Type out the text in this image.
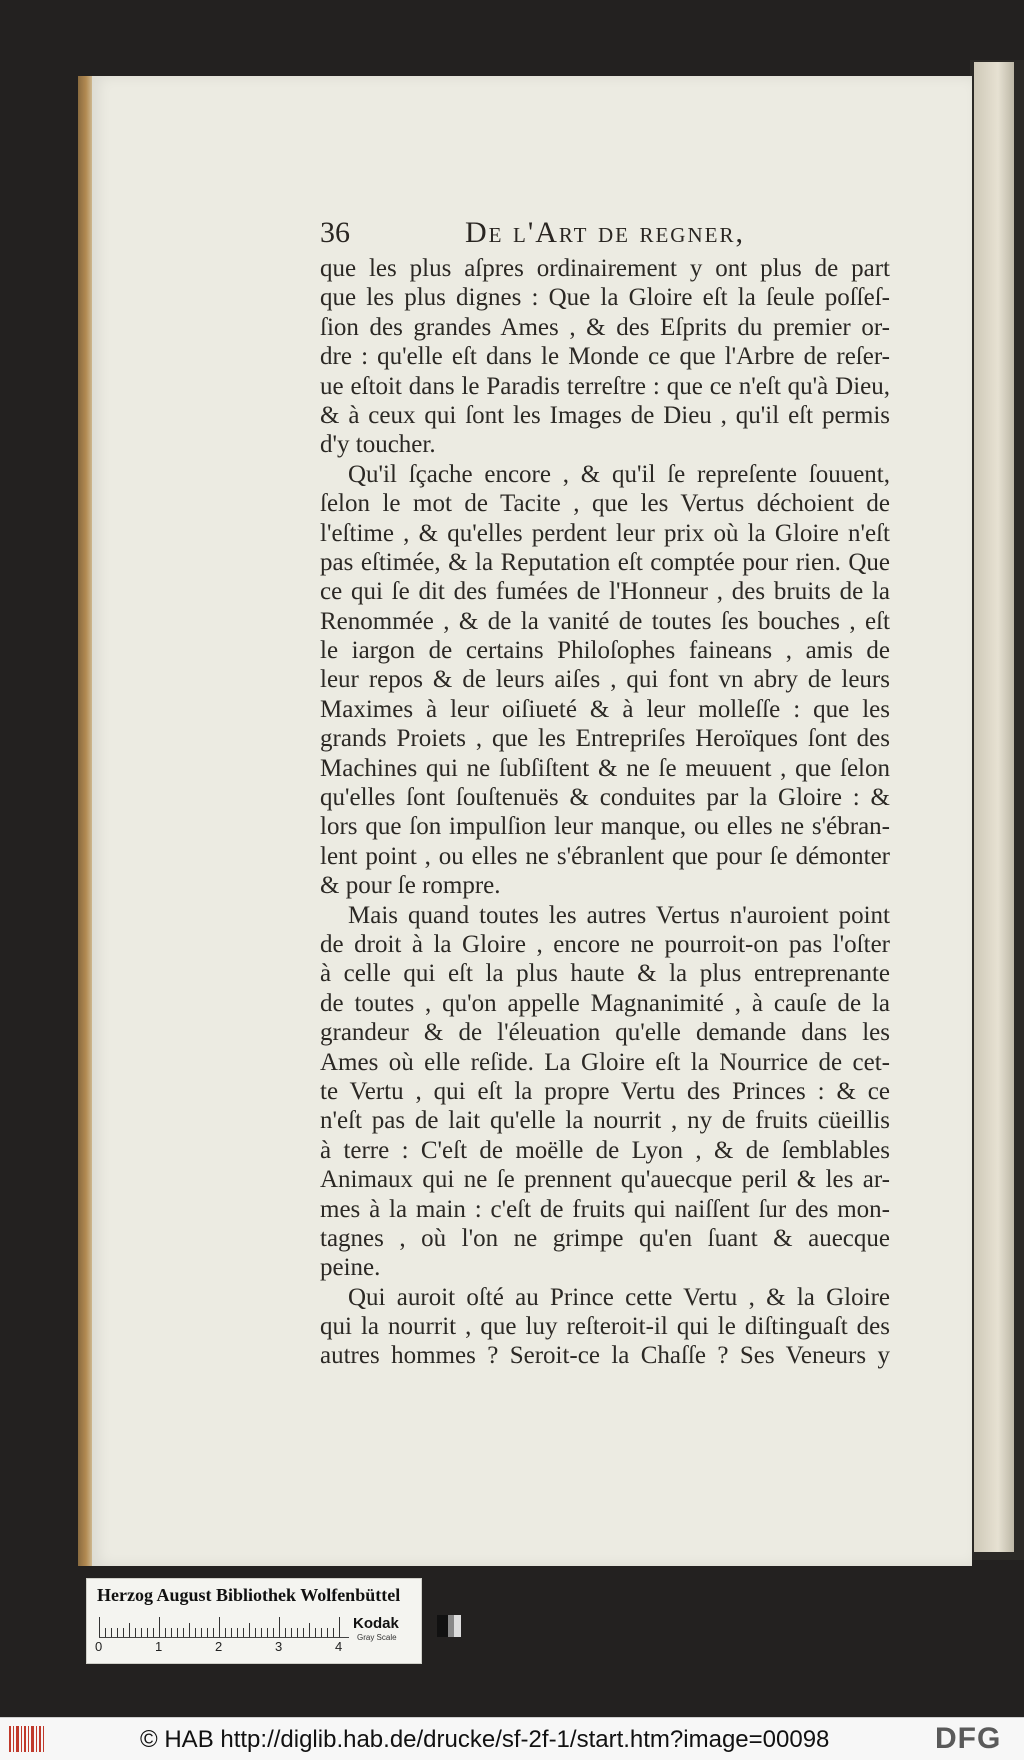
36	De l'Art de regner,
que les plus aſpres ordinairement y ont plus de part
que les plus dignes : Que la Gloire eſt la ſeule poſſeſ-
ſion des grandes Ames , & des Eſprits du premier or-
dre : qu'elle eſt dans le Monde ce que l'Arbre de reſer-
ue eſtoit dans le Paradis terreſtre : que ce n'eſt qu'à Dieu,
& à ceux qui ſont les Images de Dieu , qu'il eſt permis
d'y toucher.
Qu'il ſçache encore , & qu'il ſe repreſente ſouuent,
ſelon le mot de Tacite , que les Vertus déchoient de
l'eſtime , & qu'elles perdent leur prix où la Gloire n'eſt
pas eſtimée, & la Reputation eſt comptée pour rien. Que
ce qui ſe dit des fumées de l'Honneur , des bruits de la
Renommée , & de la vanité de toutes ſes bouches , eſt
le iargon de certains Philoſophes faineans , amis de
leur repos & de leurs aiſes , qui font vn abry de leurs
Maximes à leur oiſiueté & à leur molleſſe : que les
grands Proiets , que les Entrepriſes Heroïques ſont des
Machines qui ne ſubſiſtent & ne ſe meuuent , que ſelon
qu'elles ſont ſouſtenuës & conduites par la Gloire : &
lors que ſon impulſion leur manque, ou elles ne s'ébran-
lent point , ou elles ne s'ébranlent que pour ſe démonter
& pour ſe rompre.
Mais quand toutes les autres Vertus n'auroient point
de droit à la Gloire , encore ne pourroit-on pas l'oſter
à celle qui eſt la plus haute & la plus entreprenante
de toutes , qu'on appelle Magnanimité , à cauſe de la
grandeur & de l'éleuation qu'elle demande dans les
Ames où elle reſide. La Gloire eſt la Nourrice de cet-
te Vertu , qui eſt la propre Vertu des Princes : & ce
n'eſt pas de lait qu'elle la nourrit , ny de fruits cüeillis
à terre : C'eſt de moëlle de Lyon , & de ſemblables
Animaux qui ne ſe prennent qu'auecque peril & les ar-
mes à la main : c'eſt de fruits qui naiſſent ſur des mon-
tagnes , où l'on ne grimpe qu'en ſuant & auecque
peine.
Qui auroit oſté au Prince cette Vertu , & la Gloire
qui la nourrit , que luy reſteroit-il qui le diſtinguaſt des
autres hommes ? Seroit-ce la Chaſſe ? Ses Veneurs y
Herzog August Bibliothek Wolfenbüttel
0	1	2	3	4
Kodak
Gray Scale
© HAB http://diglib.hab.de/drucke/sf-2f-1/start.htm?image=00098	DFG
